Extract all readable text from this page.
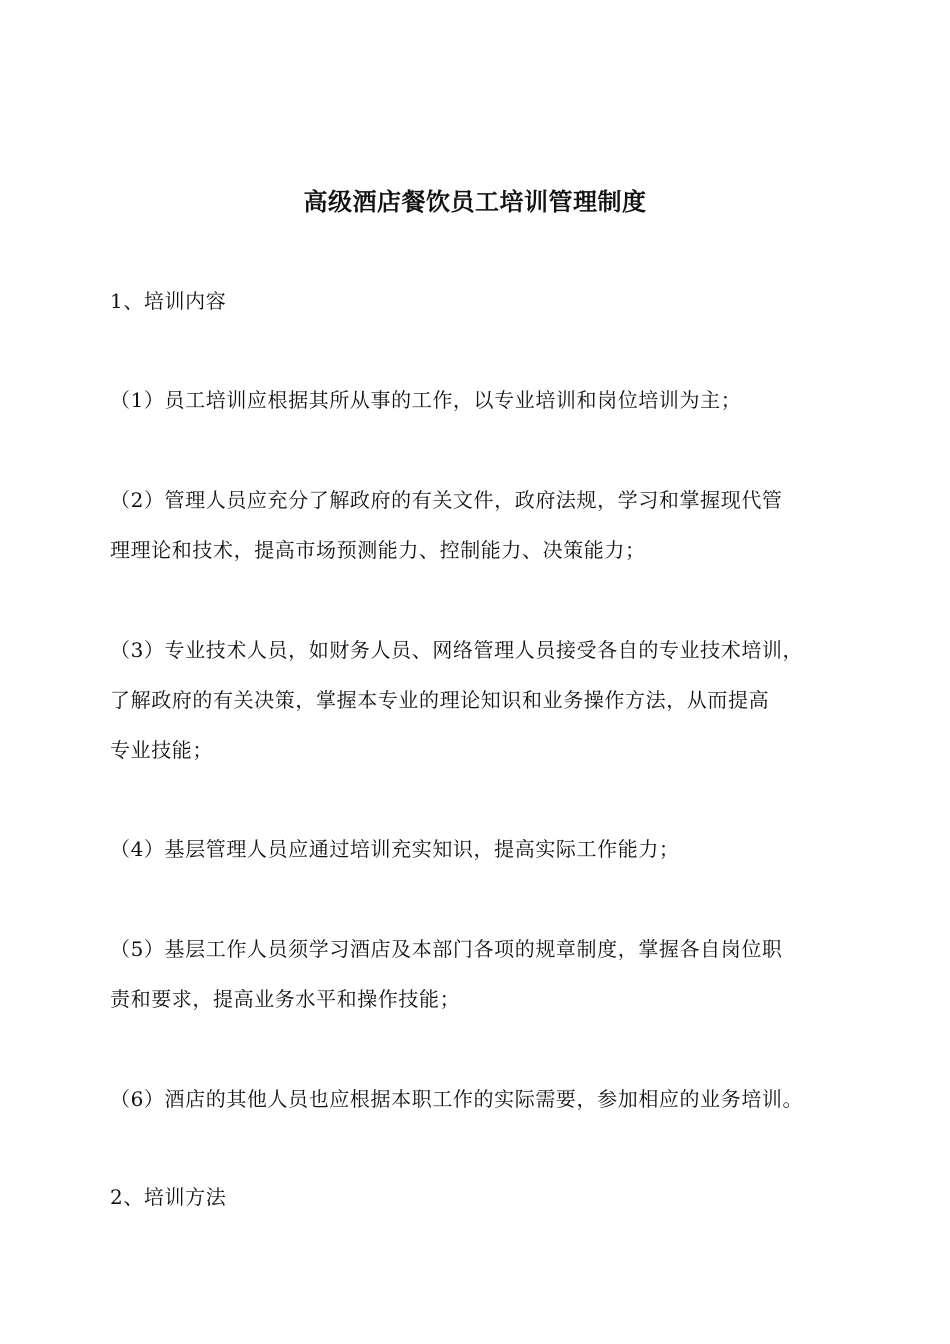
高级酒店餐饮员工培训管理制度
1、培训内容
（1）员工培训应根据其所从事的工作，以专业培训和岗位培训为主；
（2）管理人员应充分了解政府的有关文件，政府法规，学习和掌握现代管
理理论和技术，提高市场预测能力、控制能力、决策能力；
（3）专业技术人员，如财务人员、网络管理人员接受各自的专业技术培训，
了解政府的有关决策，掌握本专业的理论知识和业务操作方法，从而提高
专业技能；
（4）基层管理人员应通过培训充实知识，提高实际工作能力；
（5）基层工作人员须学习酒店及本部门各项的规章制度，掌握各自岗位职
责和要求，提高业务水平和操作技能；
（6）酒店的其他人员也应根据本职工作的实际需要，参加相应的业务培训。
2、培训方法
